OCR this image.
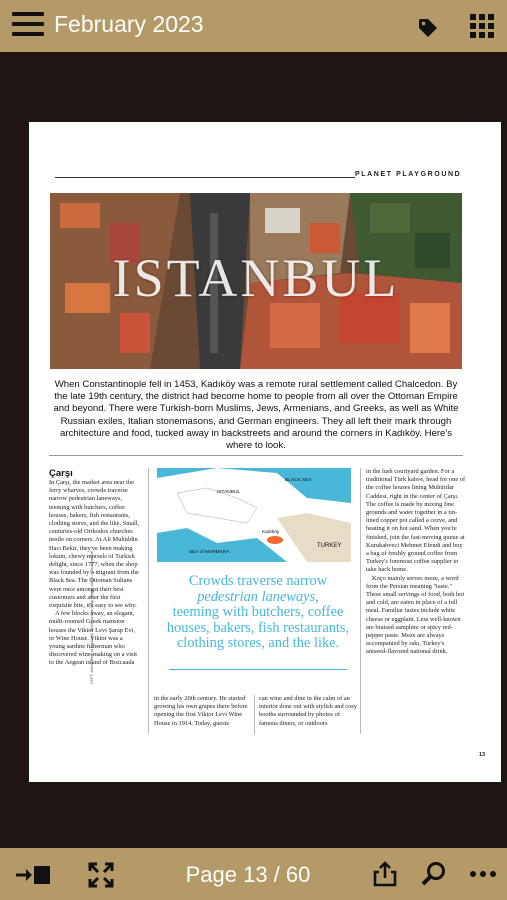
February 2023
PLANET PLAYGROUND
ISTANBUL
When Constantinople fell in 1453, Kadıköy was a remote rural settlement called Chalcedon. By the late 19th century, the district had become home to people from all over the Ottoman Empire and beyond. There were Turkish-born Muslims, Jews, Armenians, and Greeks, as well as White Russian exiles, Italian stonemasons, and German engineers. They all left their mark through architecture and food, tucked away in backstreets and around the corners in Kadıköy. Here's where to look.
LEFT: Aerial view of Kadıköy. Photo credit: Map: Elena Maps / Shutterstock

Çarşı

In Çarşı, the market area near the ferry wharves, crowds traverse narrow pedestrian laneways, teeming with butchers, coffee houses, bakers, fish restaurants, clothing stores, and the like. Small, centuries-old Orthodox churches nestle on corners. At Ali Muhiddin Hacı Bekir, they've been making lokum, chewy morsels of Turkish delight, since 1777, when the shop was founded by a migrant from the Black Sea. The Ottoman Sultans were once amongst their best customers and after the first exquisite bite, it's easy to see why.

A few blocks away, an elegant, multi-roomed Greek mansion houses the Viktor Levi Şarap Evi, or Wine House. Viktor was a young sardine fisherman who discovered wine-making on a visit to the Aegean island of Bozcaada

ISTANBUL
BLACK SEA
SEA of MARMARA
Kadıköy
TURKEY
Crowds traverse narrow
pedestrian laneways,
teeming with butchers, coffee houses, bakers, fish restaurants, clothing stores, and the like.
in the early 20th century. He started growing his own grapes there before opening the first Viktor Levi Wine House in 1914. Today, guests
can wine and dine in the calm of an interior done out with stylish and cosy booths surrounded by photos of famous diners, or outdoors

in the lush courtyard garden. For a traditional Türk kahve, head for one of the coffee houses lining Muhürdar Caddesi, right in the center of Çarşı. The coffee is made by mixing fine grounds and water together in a tin-lined copper pot called a cezve, and heating it on hot sand. When you're finished, join the fast-moving queue at Kurukahveci Mehmet Efendi and buy a bag of freshly ground coffee from Turkey's foremost coffee supplier to take back home.

Koço mainly serves meze, a word from the Persian meaning "taste." These small servings of food, both hot and cold, are eaten in place of a full meal. Familiar tastes include white cheese or eggplant. Less well-known are braised samphire or spicy red-pepper paste. Meze are always accompanied by rakı, Turkey's aniseed-flavored national drink.

13
Page 13 / 60
